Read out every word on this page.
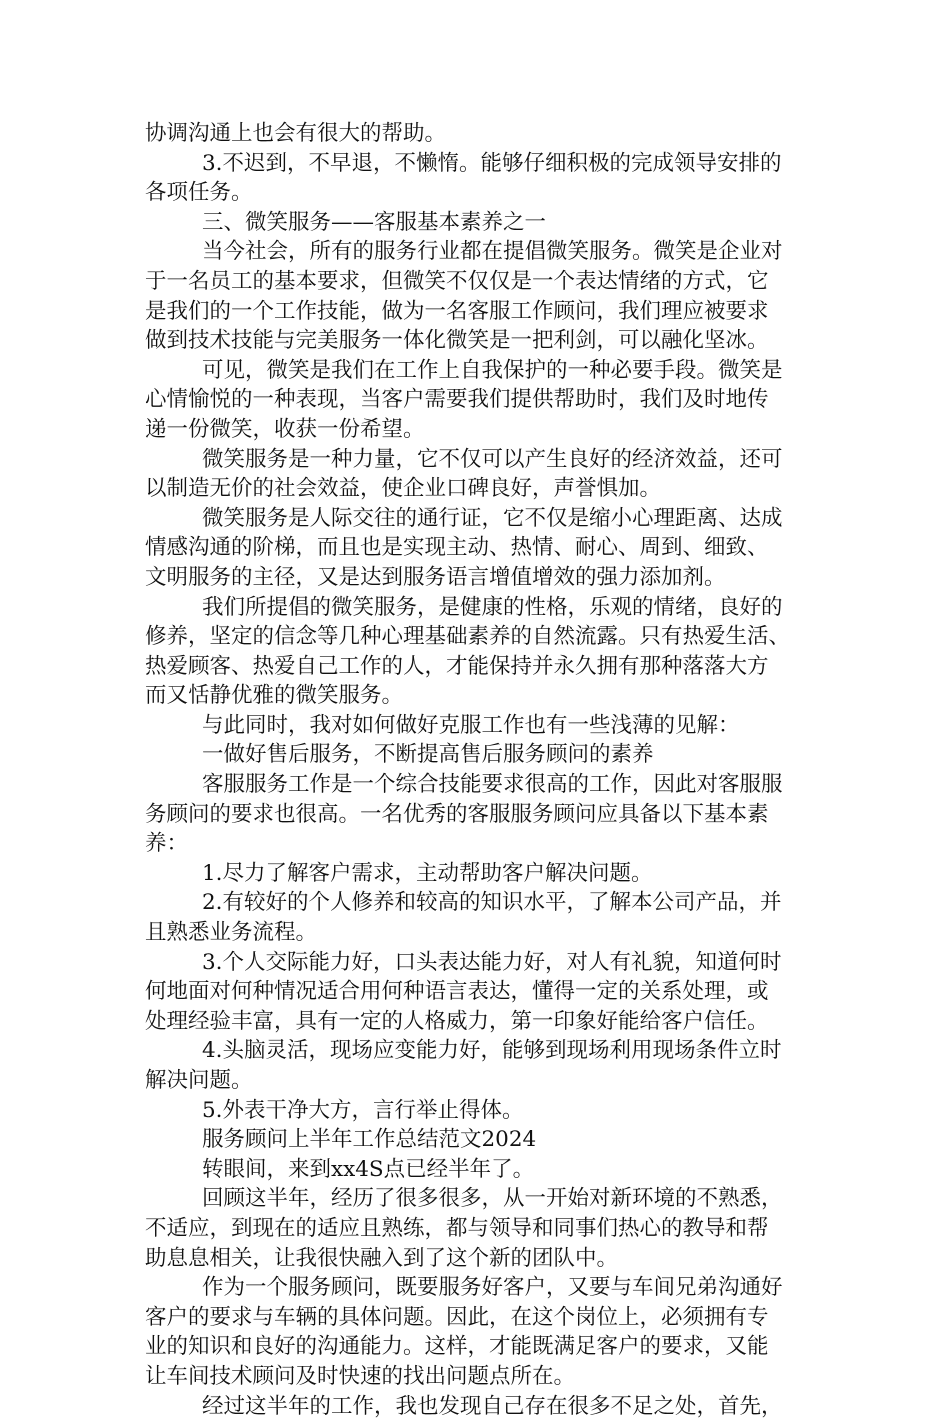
协调沟通上也会有很大的帮助。
3.不迟到，不早退，不懒惰。能够仔细积极的完成领导安排的
各项任务。
三、微笑服务——客服基本素养之一
当今社会，所有的服务行业都在提倡微笑服务。微笑是企业对
于一名员工的基本要求，但微笑不仅仅是一个表达情绪的方式，它
是我们的一个工作技能，做为一名客服工作顾问，我们理应被要求
做到技术技能与完美服务一体化微笑是一把利剑，可以融化坚冰。
可见，微笑是我们在工作上自我保护的一种必要手段。微笑是
心情愉悦的一种表现，当客户需要我们提供帮助时，我们及时地传
递一份微笑，收获一份希望。
微笑服务是一种力量，它不仅可以产生良好的经济效益，还可
以制造无价的社会效益，使企业口碑良好，声誉惧加。
微笑服务是人际交往的通行证，它不仅是缩小心理距离、达成
情感沟通的阶梯，而且也是实现主动、热情、耐心、周到、细致、
文明服务的主径，又是达到服务语言增值增效的强力添加剂。
我们所提倡的微笑服务，是健康的性格，乐观的情绪，良好的
修养，坚定的信念等几种心理基础素养的自然流露。只有热爱生活、
热爱顾客、热爱自己工作的人，才能保持并永久拥有那种落落大方
而又恬静优雅的微笑服务。
与此同时，我对如何做好克服工作也有一些浅薄的见解：
一做好售后服务，不断提高售后服务顾问的素养
客服服务工作是一个综合技能要求很高的工作，因此对客服服
务顾问的要求也很高。一名优秀的客服服务顾问应具备以下基本素
养：
1.尽力了解客户需求，主动帮助客户解决问题。
2.有较好的个人修养和较高的知识水平，了解本公司产品，并
且熟悉业务流程。
3.个人交际能力好，口头表达能力好，对人有礼貌，知道何时
何地面对何种情况适合用何种语言表达，懂得一定的关系处理，或
处理经验丰富，具有一定的人格威力，第一印象好能给客户信任。
4.头脑灵活，现场应变能力好，能够到现场利用现场条件立时
解决问题。
5.外表干净大方，言行举止得体。
服务顾问上半年工作总结范文2024
转眼间，来到xx4S点已经半年了。
回顾这半年，经历了很多很多，从一开始对新环境的不熟悉，
不适应，到现在的适应且熟练，都与领导和同事们热心的教导和帮
助息息相关，让我很快融入到了这个新的团队中。
作为一个服务顾问，既要服务好客户，又要与车间兄弟沟通好
客户的要求与车辆的具体问题。因此，在这个岗位上，必须拥有专
业的知识和良好的沟通能力。这样，才能既满足客户的要求，又能
让车间技术顾问及时快速的找出问题点所在。
经过这半年的工作，我也发现自己存在很多不足之处，首先，
